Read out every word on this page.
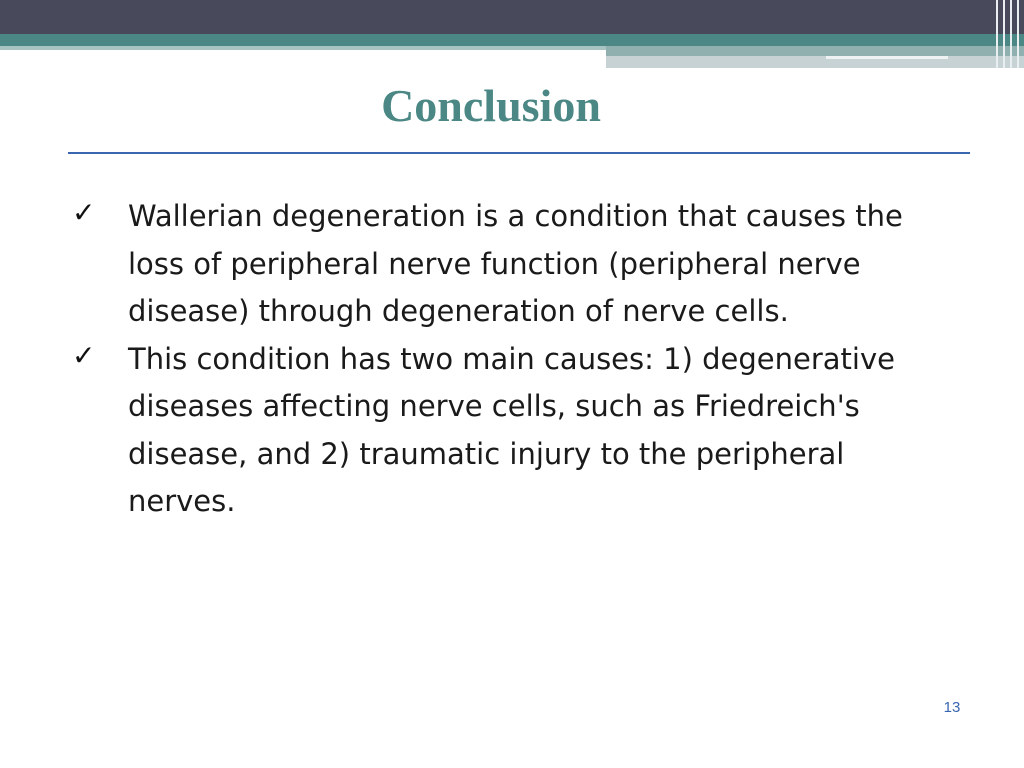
Conclusion
✓ Wallerian degeneration is a condition that causes the loss of peripheral nerve function (peripheral nerve disease) through degeneration of nerve cells.
✓ This condition has two main causes: 1) degenerative diseases affecting nerve cells, such as Friedreich's disease, and 2) traumatic injury to the peripheral nerves.
13
